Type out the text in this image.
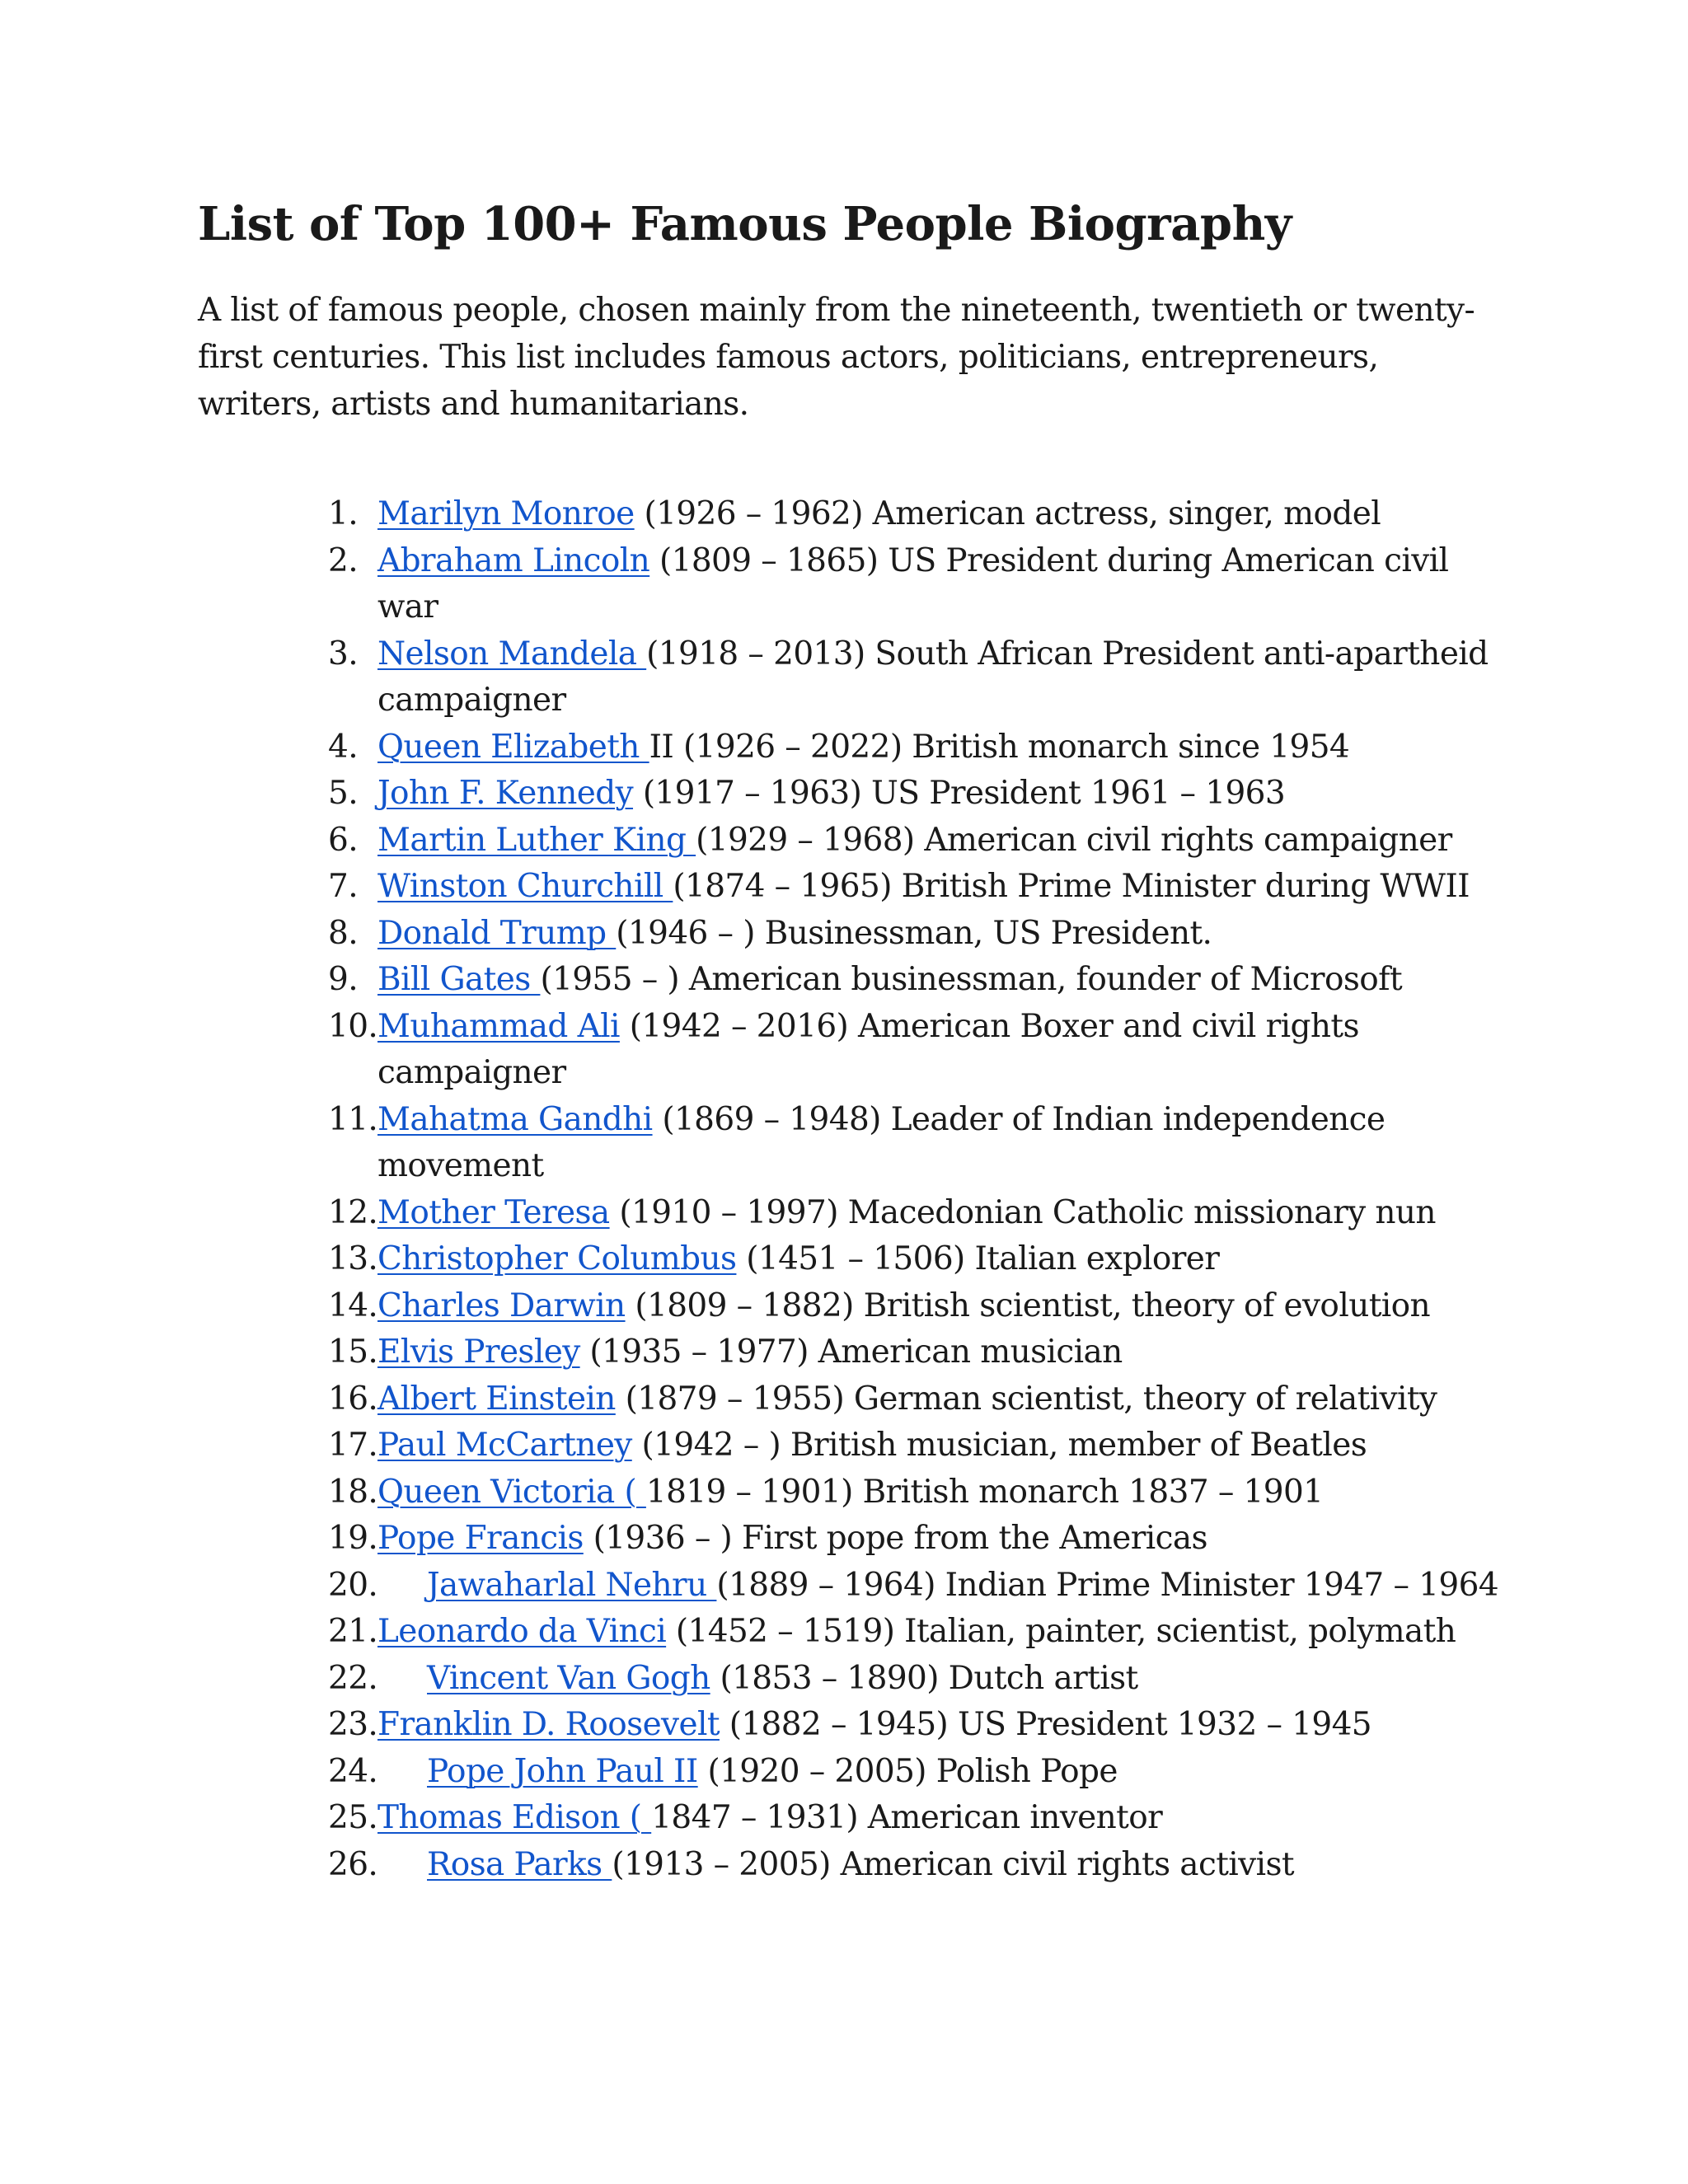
List of Top 100+ Famous People Biography

A list of famous people, chosen mainly from the nineteenth, twentieth or twenty-first centuries. This list includes famous actors, politicians, entrepreneurs, writers, artists and humanitarians.

1. Marilyn Monroe (1926 – 1962) American actress, singer, model
2. Abraham Lincoln (1809 – 1865) US President during American civil war
3. Nelson Mandela (1918 – 2013) South African President anti-apartheid campaigner
4. Queen Elizabeth II (1926 – 2022) British monarch since 1954
5. John F. Kennedy (1917 – 1963) US President 1961 – 1963
6. Martin Luther King (1929 – 1968) American civil rights campaigner
7. Winston Churchill (1874 – 1965) British Prime Minister during WWII
8. Donald Trump (1946 – ) Businessman, US President.
9. Bill Gates (1955 – ) American businessman, founder of Microsoft
10. Muhammad Ali (1942 – 2016) American Boxer and civil rights campaigner
11. Mahatma Gandhi (1869 – 1948) Leader of Indian independence movement
12. Mother Teresa (1910 – 1997) Macedonian Catholic missionary nun
13. Christopher Columbus (1451 – 1506) Italian explorer
14. Charles Darwin (1809 – 1882) British scientist, theory of evolution
15. Elvis Presley (1935 – 1977) American musician
16. Albert Einstein (1879 – 1955) German scientist, theory of relativity
17. Paul McCartney (1942 – ) British musician, member of Beatles
18. Queen Victoria ( 1819 – 1901) British monarch 1837 – 1901
19. Pope Francis (1936 – ) First pope from the Americas
20.	Jawaharlal Nehru (1889 – 1964) Indian Prime Minister 1947 – 1964
21. Leonardo da Vinci (1452 – 1519) Italian, painter, scientist, polymath
22.	Vincent Van Gogh (1853 – 1890) Dutch artist
23. Franklin D. Roosevelt (1882 – 1945) US President 1932 – 1945
24.	Pope John Paul II (1920 – 2005) Polish Pope
25. Thomas Edison ( 1847 – 1931) American inventor
26.	Rosa Parks (1913 – 2005) American civil rights activist
